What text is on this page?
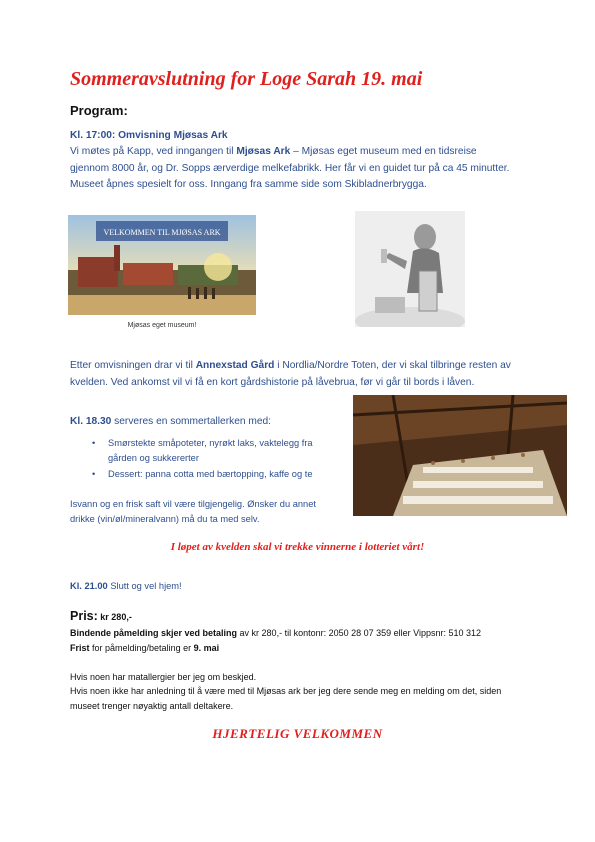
Sommeravslutning for Loge Sarah 19. mai
Program:
Kl. 17:00: Omvisning Mjøsas Ark
Vi møtes på Kapp, ved inngangen til Mjøsas Ark – Mjøsas eget museum med en tidsreise gjennom 8000 år, og Dr. Sopps ærverdige melkefabrikk. Her får vi en guidet tur på ca 45 minutter. Museet åpnes spesielt for oss. Inngang fra samme side som Skibladnerbrygga.
VELKOMMEN TIL MJØSAS ARK
Mjøsas eget museum!
Etter omvisningen drar vi til Annexstad Gård i Nordlia/Nordre Toten, der vi skal tilbringe resten av kvelden. Ved ankomst vil vi få en kort gårdshistorie på låvebrua, før vi går til bords i låven.
Kl. 18.30 serveres en sommertallerken med:
• Smørstekte småpoteter, nyrøkt laks, vaktelegg fra gården og sukkererter
• Dessert: panna cotta med bærtopping, kaffe og te
Isvann og en frisk saft vil være tilgjengelig. Ønsker du annet drikke (vin/øl/mineralvann) må du ta med selv.
I løpet av kvelden skal vi trekke vinnerne i lotteriet vårt!
Kl. 21.00 Slutt og vel hjem!
Pris: kr 280,-
Bindende påmelding skjer ved betaling av kr 280,- til kontonr: 2050 28 07 359 eller Vippsnr: 510 312
Frist for påmelding/betaling er 9. mai
Hvis noen har matallergier ber jeg om beskjed.
Hvis noen ikke har anledning til å være med til Mjøsas ark ber jeg dere sende meg en melding om det, siden museet trenger nøyaktig antall deltakere.
HJERTELIG VELKOMMEN
